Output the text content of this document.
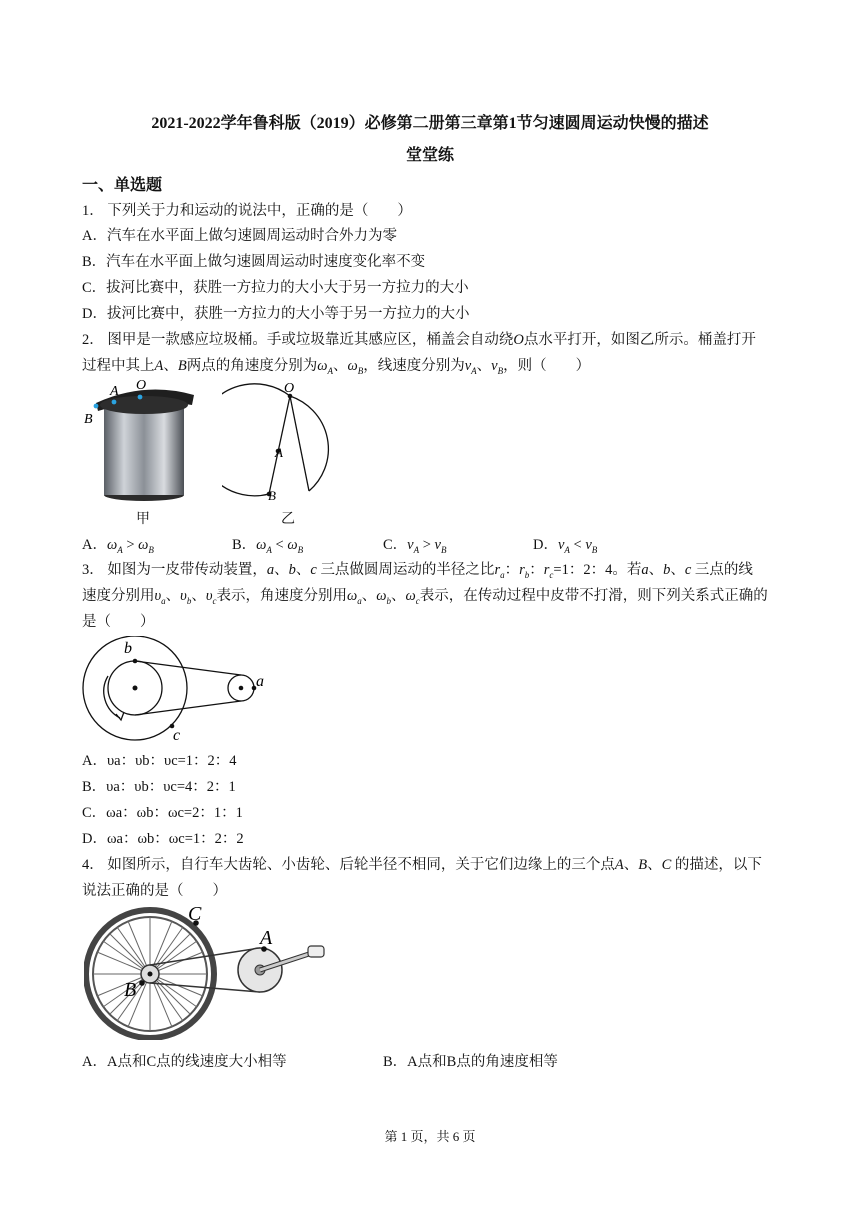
2021-2022学年鲁科版（2019）必修第二册第三章第1节匀速圆周运动快慢的描述
堂堂练
一、单选题
1． 下列关于力和运动的说法中，正确的是（　　）
A．汽车在水平面上做匀速圆周运动时合外力为零
B．汽车在水平面上做匀速圆周运动时速度变化率不变
C．拔河比赛中，获胜一方拉力的大小大于另一方拉力的大小
D．拔河比赛中，获胜一方拉力的大小等于另一方拉力的大小
2． 图甲是一款感应垃圾桶。手或垃圾靠近其感应区，桶盖会自动绕O点水平打开，如图乙所示。桶盖打开
过程中其上A、B两点的角速度分别为$\omega_A$、$\omega_B$，线速度分别为$v_A$、$v_B$，则（　　）
A O
B
甲
O
A
B
乙
A．$\omega_A > \omega_B$	B．$\omega_A < \omega_B$	C．$v_A > v_B$	D．$v_A < v_B$
3． 如图为一皮带传动装置，a、b、c 三点做圆周运动的半径之比$r_a$：$r_b$：$r_c=1$：2：4。若a、b、c 三点的线
速度分别用$\upsilon_a$、$\upsilon_b$、$\upsilon_c$表示，角速度分别用$\omega_a$、$\omega_b$、$\omega_c$表示，在传动过程中皮带不打滑，则下列关系式正确的
是（　　）
b
a
c
A．υa：υb：υc=1：2：4
B．υa：υb：υc=4：2：1
C．ωa：ωb：ωc=2：1：1
D．ωa：ωb：ωc=1：2：2
4． 如图所示，自行车大齿轮、小齿轮、后轮半径不相同，关于它们边缘上的三个点A、B、C 的描述，以下
说法正确的是（　　）
C
A
B
A．A点和C点的线速度大小相等	B．A点和B点的角速度相等
第 1 页，共 6 页
